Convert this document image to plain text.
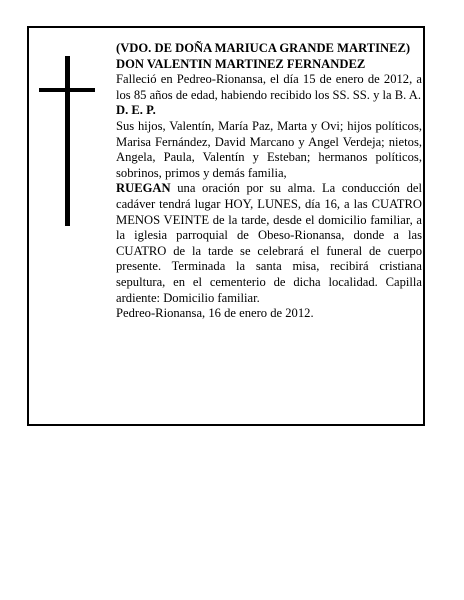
(VDO. DE DOÑA MARIUCA GRANDE MARTINEZ)

DON VALENTIN MARTINEZ FERNANDEZ

Falleció en Pedreo-Rionansa, el día 15 de enero de 2012, a los 85 años de edad, habiendo recibido los SS. SS. y la B. A.

D. E. P.

Sus hijos, Valentín, María Paz, Marta y Ovi; hijos políticos, Marisa Fernández, David Marcano y Angel Verdeja; nietos, Angela, Paula, Valentín y Esteban; hermanos políticos, sobrinos, primos y demás familia,

RUEGAN una oración por su alma. La conducción del cadáver tendrá lugar HOY, LUNES, día 16, a las CUATRO MENOS VEINTE de la tarde, desde el domicilio familiar, a la iglesia parroquial de Obeso-Rionansa, donde a las CUATRO de la tarde se celebrará el funeral de cuerpo presente. Terminada la santa misa, recibirá cristiana sepultura, en el cementerio de dicha localidad. Capilla ardiente: Domicilio familiar.

Pedreo-Rionansa, 16 de enero de 2012.
